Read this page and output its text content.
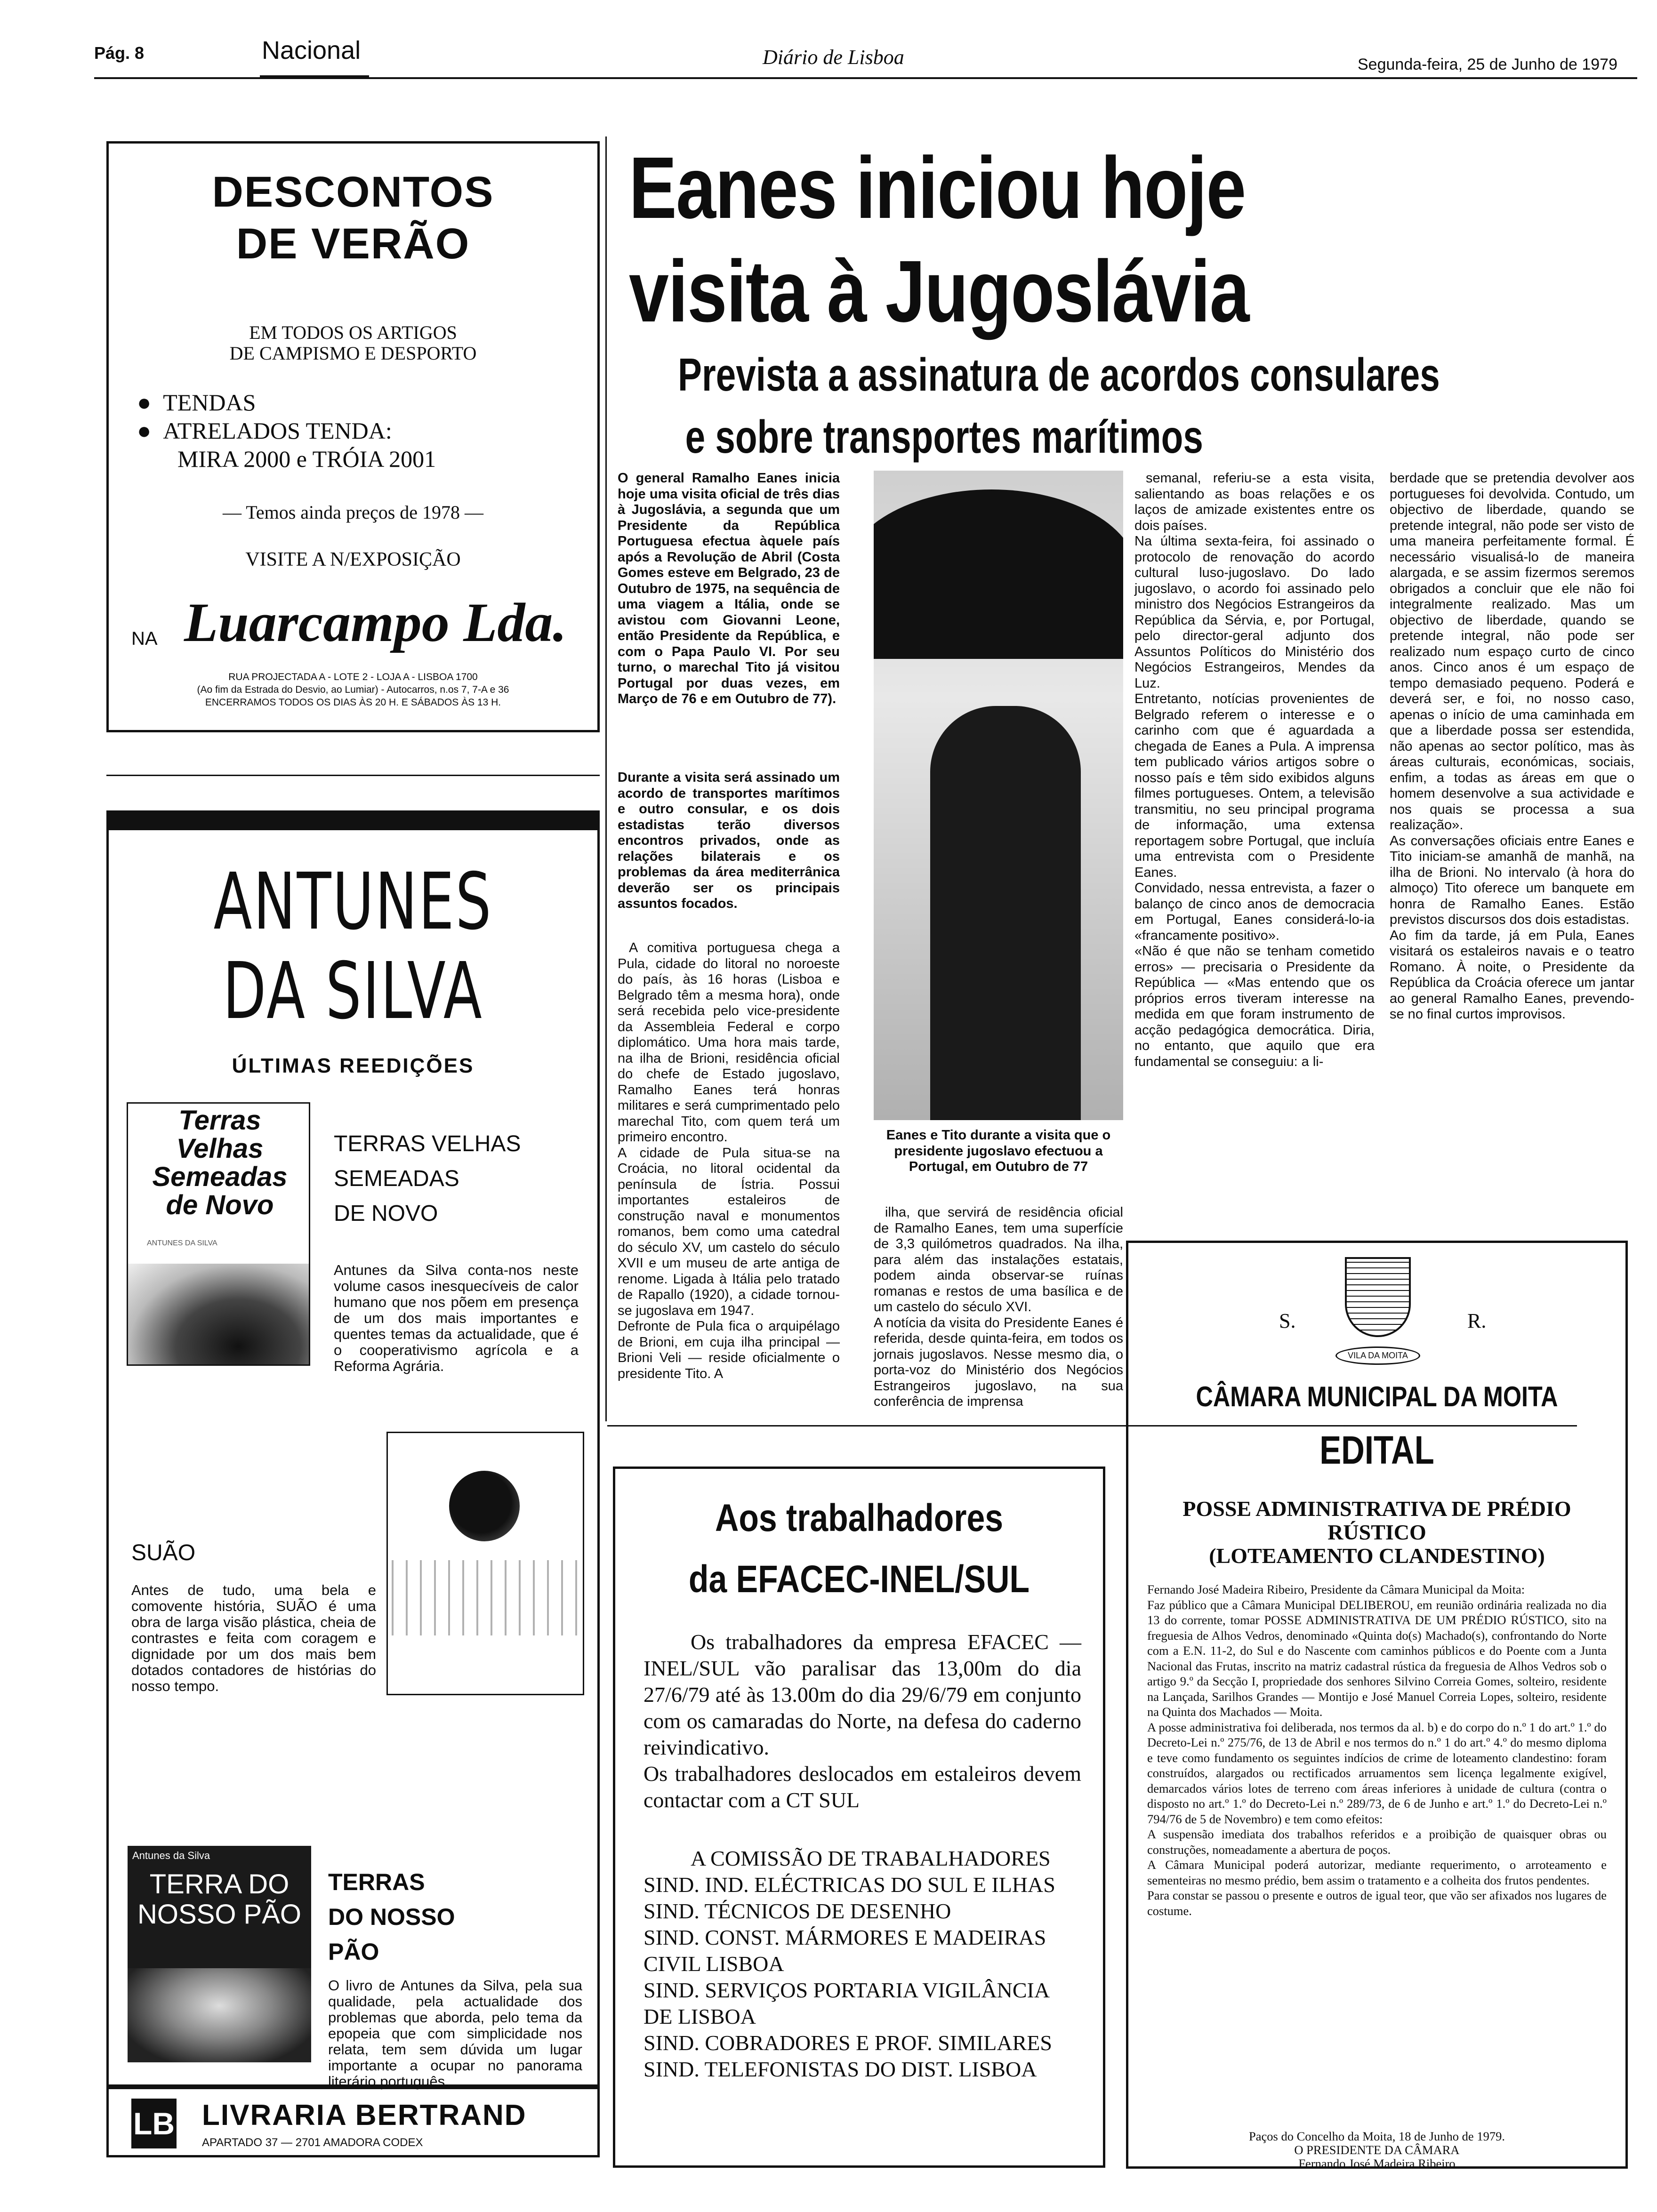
Pág. 8	Nacional	Diário de Lisboa	Segunda-feira, 25 de Junho de 1979
DESCONTOS
DE VERÃO
EM TODOS OS ARTIGOS
DE CAMPISMO E DESPORTO
●  TENDAS
●  ATRELADOS TENDA:
MIRA 2000 e TRÓIA 2001
— Temos ainda preços de 1978 —
VISITE A N/EXPOSIÇÃO
NA Luarcampo Lda.
RUA PROJECTADA A - LOTE 2 - LOJA A - LISBOA 1700
(Ao fim da Estrada do Desvio, ao Lumiar) - Autocarros, n.os 7, 7-A e 36
ENCERRAMOS TODOS OS DIAS ÀS 20 H. E SÁBADOS ÀS 13 H.
ANTUNES
DA SILVA
ÚLTIMAS REEDIÇÕES
Terras Velhas Semeadas de Novo
ANTUNES DA SILVA
TERRAS VELHAS
SEMEADAS
DE NOVO
Antunes da Silva conta-nos neste volume casos inesquecíveis de calor humano que nos põem em presença de um dos mais importantes e quentes temas da actualidade, que é o cooperativismo agrícola e a Reforma Agrária.
SUÃO
Antes de tudo, uma bela e comovente história, SUÃO é uma obra de larga visão plástica, cheia de contrastes e feita com coragem e dignidade por um dos mais bem dotados contadores de histórias do nosso tempo.
Antunes da Silva
TERRA DO NOSSO PÃO
TERRAS
DO NOSSO
PÃO
O livro de Antunes da Silva, pela sua qualidade, pela actualidade dos problemas que aborda, pelo tema da epopeia que com simplicidade nos relata, tem sem dúvida um lugar importante a ocupar no panorama literário português.
LB LIVRARIA BERTRAND
APARTADO 37 — 2701 AMADORA CODEX
Eanes iniciou hoje
visita à Jugoslávia
Prevista a assinatura de acordos consulares
e sobre transportes marítimos
O general Ramalho Eanes inicia hoje uma visita oficial de três dias à Jugoslávia, a segunda que um Presidente da República Portuguesa efectua àquele país após a Revolução de Abril (Costa Gomes esteve em Belgrado, 23 de Outubro de 1975, na sequência de uma viagem a Itália, onde se avistou com Giovanni Leone, então Presidente da República, e com o Papa Paulo VI. Por seu turno, o marechal Tito já visitou Portugal por duas vezes, em Março de 76 e em Outubro de 77).
Durante a visita será assinado um acordo de transportes marítimos e outro consular, e os dois estadistas terão diversos encontros privados, onde as relações bilaterais e os problemas da área mediterrânica deverão ser os principais assuntos focados.
A comitiva portuguesa chega a Pula, cidade do litoral no noroeste do país, às 16 horas (Lisboa e Belgrado têm a mesma hora), onde será recebida pelo vice-presidente da Assembleia Federal e corpo diplomático. Uma hora mais tarde, na ilha de Brioni, residência oficial do chefe de Estado jugoslavo, Ramalho Eanes terá honras militares e será cumprimentado pelo marechal Tito, com quem terá um primeiro encontro.
A cidade de Pula situa-se na Croácia, no litoral ocidental da península de Ístria. Possui importantes estaleiros de construção naval e monumentos romanos, bem como uma catedral do século XV, um castelo do século XVII e um museu de arte antiga de renome. Ligada à Itália pelo tratado de Rapallo (1920), a cidade tornou-se jugoslava em 1947.
Defronte de Pula fica o arquipélago de Brioni, em cuja ilha principal — Brioni Veli — reside oficialmente o presidente Tito. A
Eanes e Tito durante a visita que o presidente jugoslavo efectuou a Portugal, em Outubro de 77
ilha, que servirá de residência oficial de Ramalho Eanes, tem uma superfície de 3,3 quilómetros quadrados. Na ilha, para além das instalações estatais, podem ainda observar-se ruínas romanas e restos de uma basílica e de um castelo do século XVI.
A notícia da visita do Presidente Eanes é referida, desde quinta-feira, em todos os jornais jugoslavos. Nesse mesmo dia, o porta-voz do Ministério dos Negócios Estrangeiros jugoslavo, na sua conferência de imprensa
semanal, referiu-se a esta visita, salientando as boas relações e os laços de amizade existentes entre os dois países.
Na última sexta-feira, foi assinado o protocolo de renovação do acordo cultural luso-jugoslavo. Do lado jugoslavo, o acordo foi assinado pelo ministro dos Negócios Estrangeiros da República da Sérvia, e, por Portugal, pelo director-geral adjunto dos Assuntos Políticos do Ministério dos Negócios Estrangeiros, Mendes da Luz.
Entretanto, notícias provenientes de Belgrado referem o interesse e o carinho com que é aguardada a chegada de Eanes a Pula. A imprensa tem publicado vários artigos sobre o nosso país e têm sido exibidos alguns filmes portugueses. Ontem, a televisão transmitiu, no seu principal programa de informação, uma extensa reportagem sobre Portugal, que incluía uma entrevista com o Presidente Eanes.
Convidado, nessa entrevista, a fazer o balanço de cinco anos de democracia em Portugal, Eanes considerá-lo-ia «francamente positivo».
«Não é que não se tenham cometido erros» — precisaria o Presidente da República — «Mas entendo que os próprios erros tiveram interesse na medida em que foram instrumento de acção pedagógica democrática. Diria, no entanto, que aquilo que era fundamental se conseguiu: a li-
berdade que se pretendia devolver aos portugueses foi devolvida. Contudo, um objectivo de liberdade, quando se pretende integral, não pode ser visto de uma maneira perfeitamente formal. É necessário visualisá-lo de maneira alargada, e se assim fizermos seremos obrigados a concluir que ele não foi integralmente realizado. Mas um objectivo de liberdade, quando se pretende integral, não pode ser realizado num espaço curto de cinco anos. Cinco anos é um espaço de tempo demasiado pequeno. Poderá e deverá ser, e foi, no nosso caso, apenas o início de uma caminhada em que a liberdade possa ser estendida, não apenas ao sector político, mas às áreas culturais, económicas, sociais, enfim, a todas as áreas em que o homem desenvolve a sua actividade e nos quais se processa a sua realização».
As conversações oficiais entre Eanes e Tito iniciam-se amanhã de manhã, na ilha de Brioni. No intervalo (à hora do almoço) Tito oferece um banquete em honra de Ramalho Eanes. Estão previstos discursos dos dois estadistas.
Ao fim da tarde, já em Pula, Eanes visitará os estaleiros navais e o teatro Romano. À noite, o Presidente da República da Croácia oferece um jantar ao general Ramalho Eanes, prevendo-se no final curtos improvisos.
Aos trabalhadores
da EFACEC-INEL/SUL
Os trabalhadores da empresa EFACEC — INEL/SUL vão paralisar das 13,00m do dia 27/6/79 até às 13.00m do dia 29/6/79 em conjunto com os camaradas do Norte, na defesa do caderno reivindicativo.
Os trabalhadores deslocados em estaleiros devem contactar com a CT SUL
A COMISSÃO DE TRABALHADORES
SIND. IND. ELÉCTRICAS DO SUL E ILHAS
SIND. TÉCNICOS DE DESENHO
SIND. CONST. MÁRMORES E MADEIRAS CIVIL LISBOA
SIND. SERVIÇOS PORTARIA VIGILÂNCIA DE LISBOA
SIND. COBRADORES E PROF. SIMILARES
SIND. TELEFONISTAS DO DIST. LISBOA
VILA DA MOITA
S.	R.
CÂMARA MUNICIPAL DA MOITA
EDITAL
POSSE ADMINISTRATIVA DE PRÉDIO RÚSTICO
(LOTEAMENTO CLANDESTINO)
Fernando José Madeira Ribeiro, Presidente da Câmara Municipal da Moita:
Faz público que a Câmara Municipal DELIBEROU, em reunião ordinária realizada no dia 13 do corrente, tomar POSSE ADMINISTRATIVA DE UM PRÉDIO RÚSTICO, sito na freguesia de Alhos Vedros, denominado «Quinta do(s) Machado(s), confrontando do Norte com a E.N. 11-2, do Sul e do Nascente com caminhos públicos e do Poente com a Junta Nacional das Frutas, inscrito na matriz cadastral rústica da freguesia de Alhos Vedros sob o artigo 9.º da Secção I, propriedade dos senhores Silvino Correia Gomes, solteiro, residente na Lançada, Sarilhos Grandes — Montijo e José Manuel Correia Lopes, solteiro, residente na Quinta dos Machados — Moita.
A posse administrativa foi deliberada, nos termos da al. b) e do corpo do n.º 1 do art.º 1.º do Decreto-Lei n.º 275/76, de 13 de Abril e nos termos do n.º 1 do art.º 4.º do mesmo diploma e teve como fundamento os seguintes indícios de crime de loteamento clandestino: foram construídos, alargados ou rectificados arruamentos sem licença legalmente exigível, demarcados vários lotes de terreno com áreas inferiores à unidade de cultura (contra o disposto no art.º 1.º do Decreto-Lei n.º 289/73, de 6 de Junho e art.º 1.º do Decreto-Lei n.º 794/76 de 5 de Novembro) e tem como efeitos:
A suspensão imediata dos trabalhos referidos e a proibição de quaisquer obras ou construções, nomeadamente a abertura de poços.
A Câmara Municipal poderá autorizar, mediante requerimento, o arroteamento e sementeiras no mesmo prédio, bem assim o tratamento e a colheita dos frutos pendentes.
Para constar se passou o presente e outros de igual teor, que vão ser afixados nos lugares de costume.
Paços do Concelho da Moita, 18 de Junho de 1979.
O PRESIDENTE DA CÂMARA
Fernando José Madeira Ribeiro
